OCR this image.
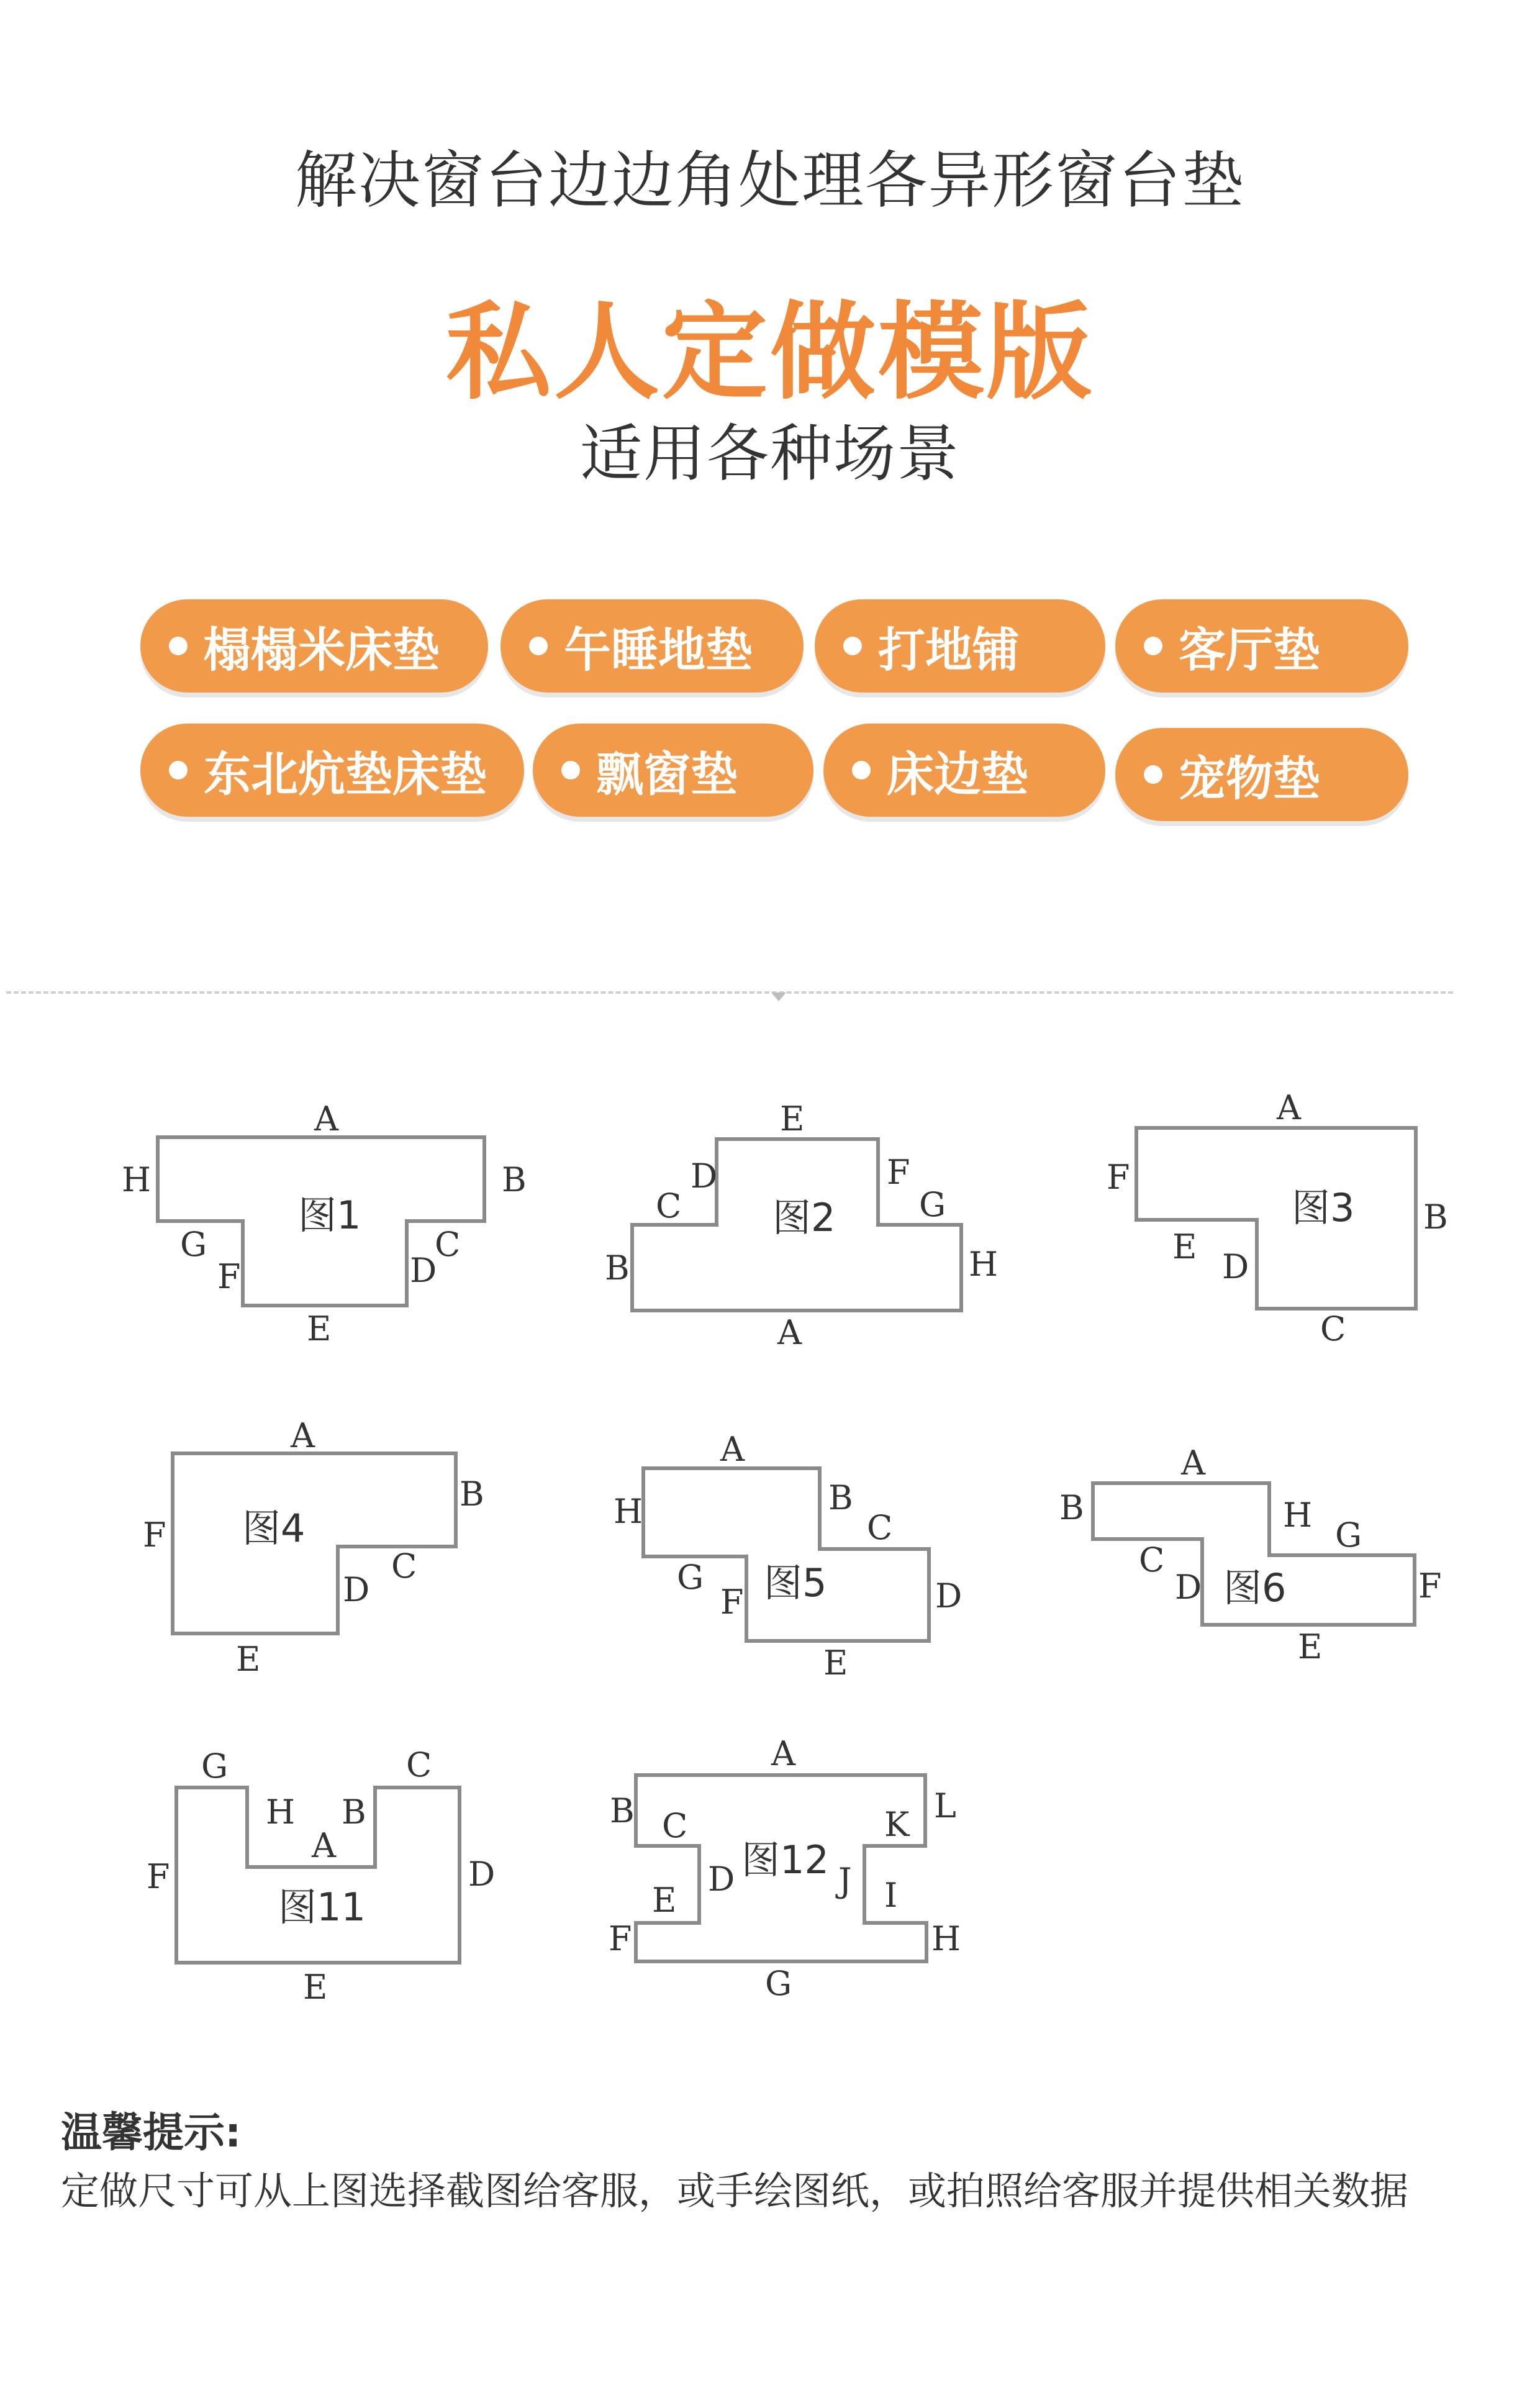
解决窗台边边角处理各异形窗台垫
私人定做模版
适用各种场景
榻榻米床垫	午睡地垫	打地铺	客厅垫
东北炕垫床垫 飘窗垫	床边垫	宠物垫
图1
A
B
C
D
E
F
G
H
图2
A
B
C
D
E
F
G
H
图3
A
B
C
D
E
F
图4
A
B
C
D
E
F
图5
A
B
C
D
E
F
G
H
图6
A
B
C
D
E
F
G
H
图11
A
B
C
D
E
F
G
H
图12
A
B C
D
E
F
G
H
I
J
K L
温馨提示:
定做尺寸可从上图选择截图给客服，或手绘图纸，或拍照给客服并提供相关数据
